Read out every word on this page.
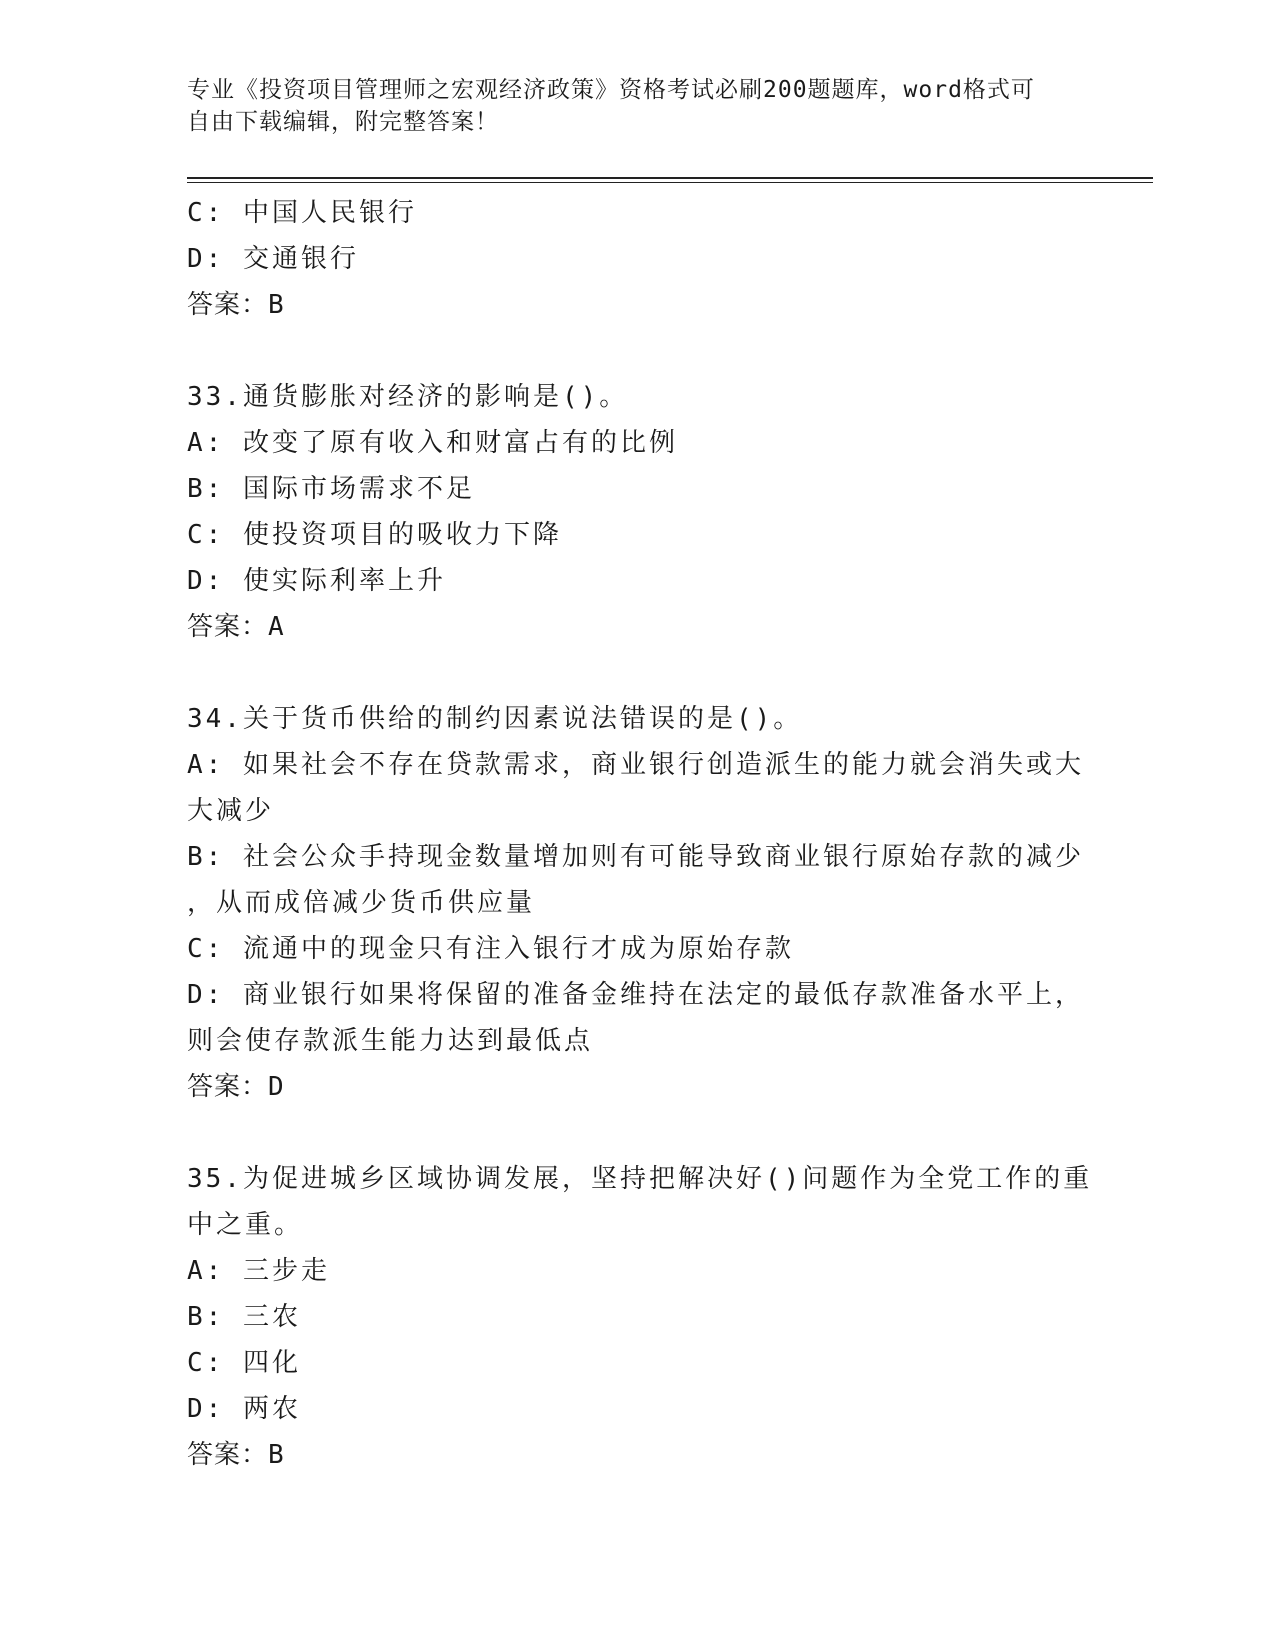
专业《投资项目管理师之宏观经济政策》资格考试必刷200题题库，word格式可
自由下载编辑，附完整答案！
C: 中国人民银行
D: 交通银行
答案：B
33.通货膨胀对经济的影响是()。
A: 改变了原有收入和财富占有的比例
B: 国际市场需求不足
C: 使投资项目的吸收力下降
D: 使实际利率上升
答案：A
34.关于货币供给的制约因素说法错误的是()。
A: 如果社会不存在贷款需求，商业银行创造派生的能力就会消失或大
大减少
B: 社会公众手持现金数量增加则有可能导致商业银行原始存款的减少
，从而成倍减少货币供应量
C: 流通中的现金只有注入银行才成为原始存款
D: 商业银行如果将保留的准备金维持在法定的最低存款准备水平上，
则会使存款派生能力达到最低点
答案：D
35.为促进城乡区域协调发展，坚持把解决好()问题作为全党工作的重
中之重。
A: 三步走
B: 三农
C: 四化
D: 两农
答案：B
